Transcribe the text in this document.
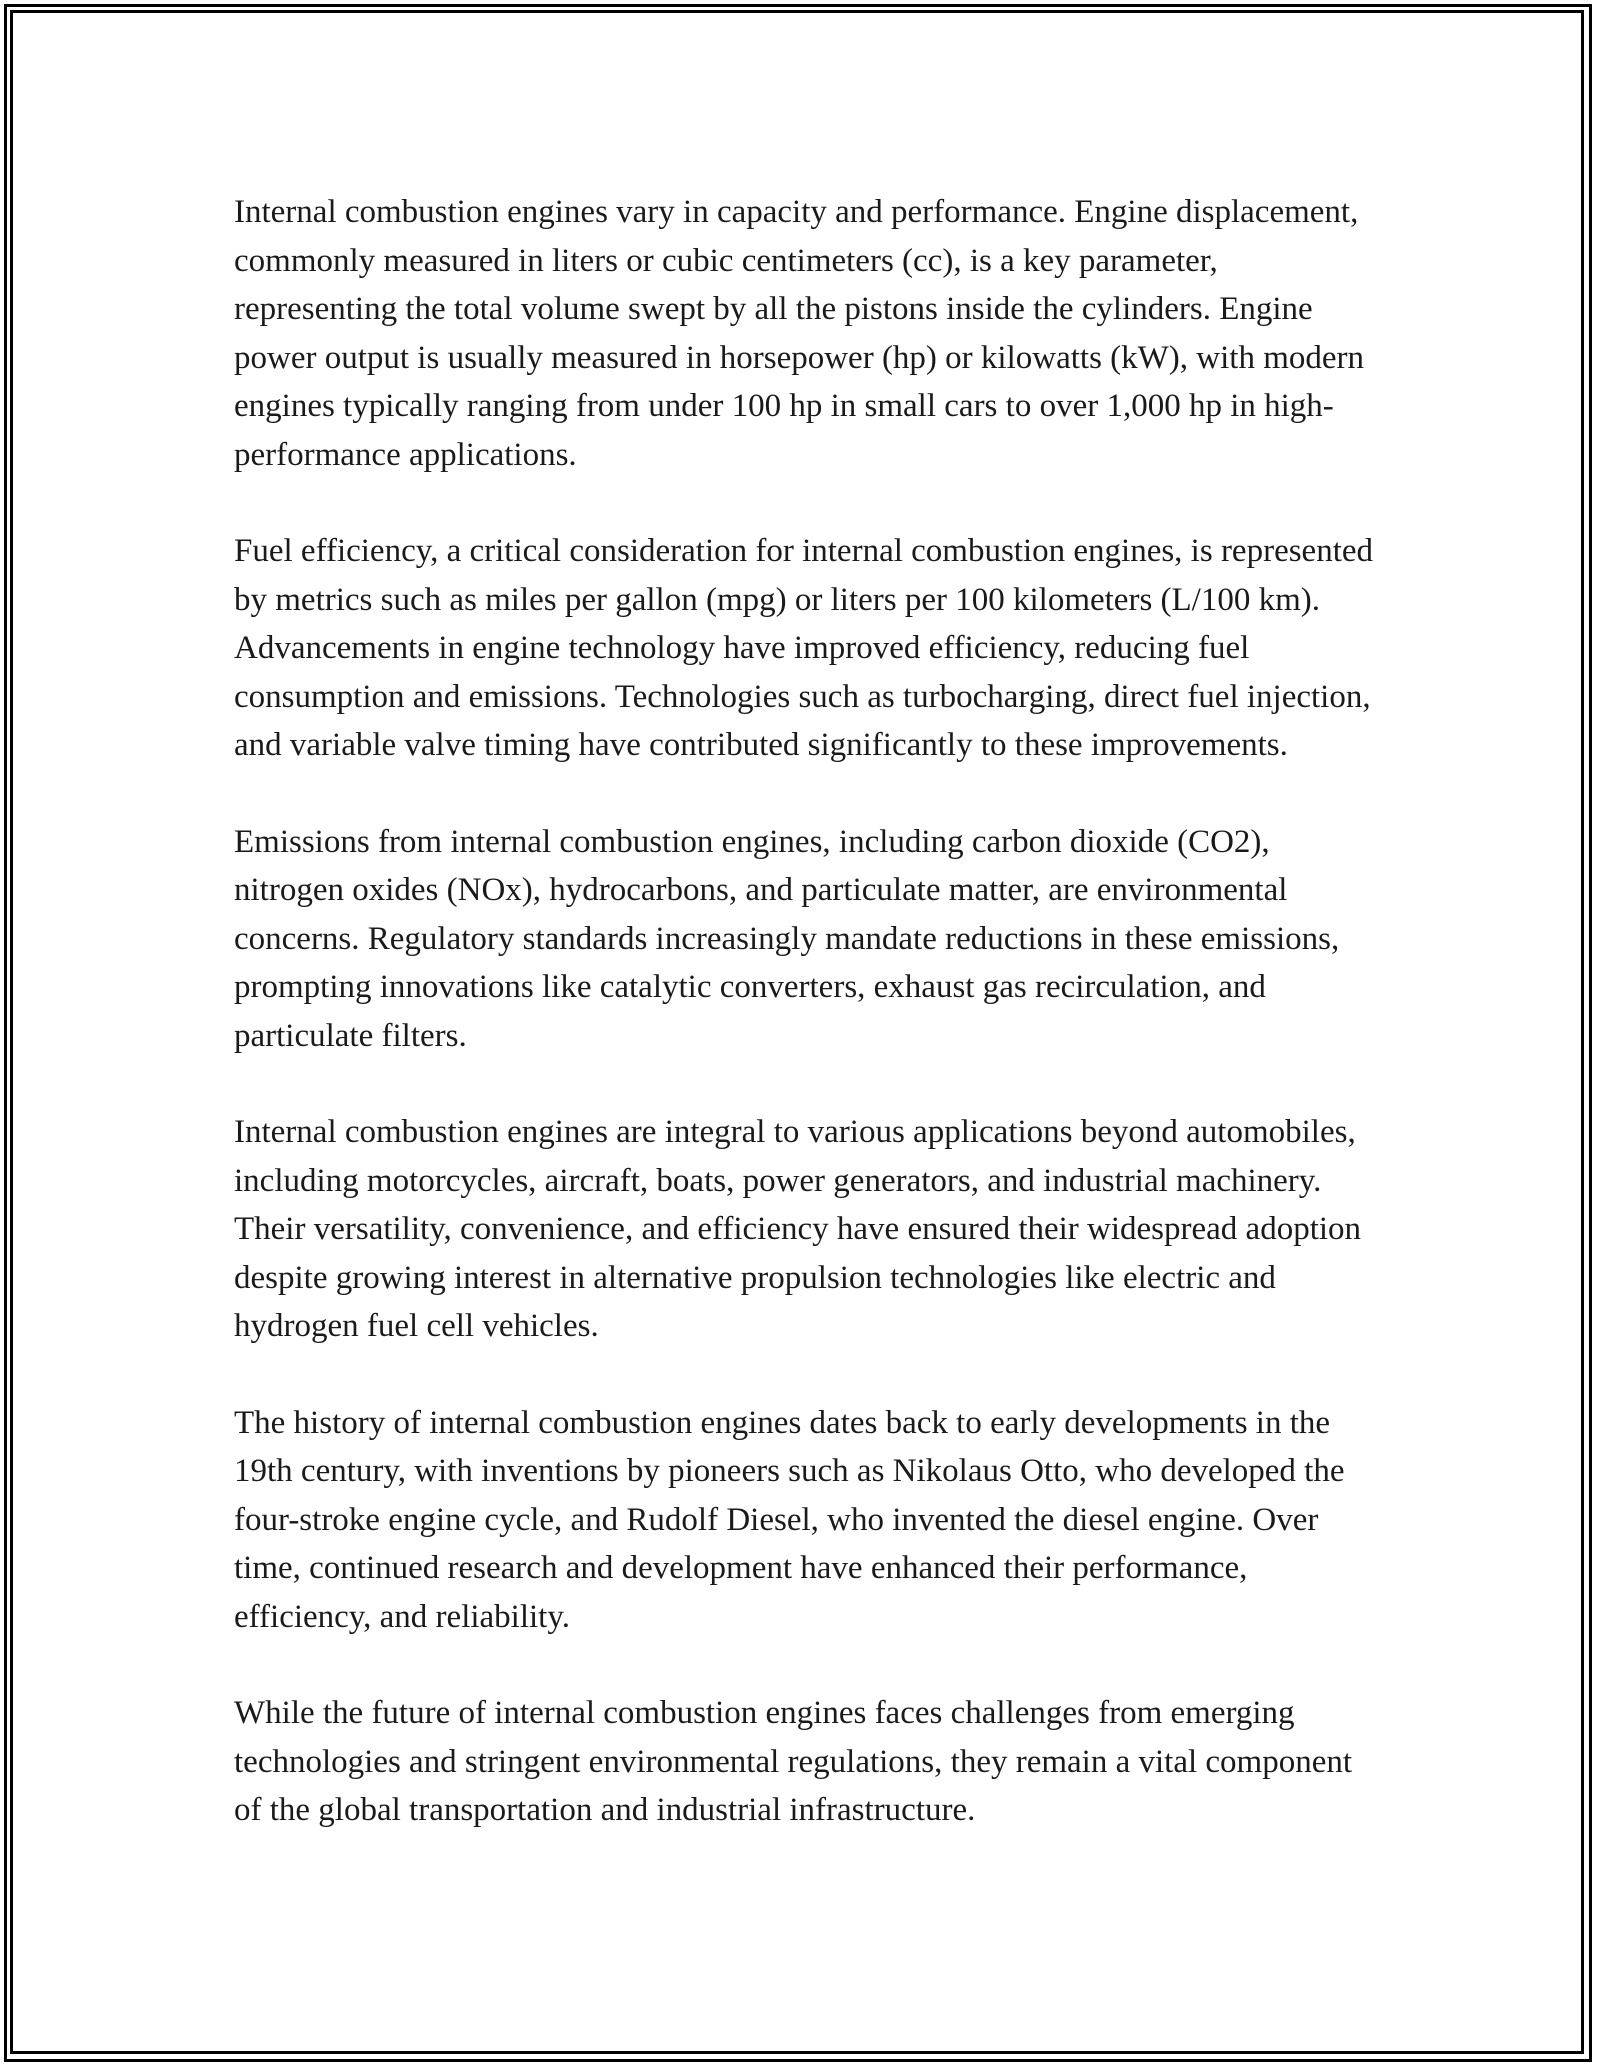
Internal combustion engines vary in capacity and performance. Engine displacement, commonly measured in liters or cubic centimeters (cc), is a key parameter, representing the total volume swept by all the pistons inside the cylinders. Engine power output is usually measured in horsepower (hp) or kilowatts (kW), with modern engines typically ranging from under 100 hp in small cars to over 1,000 hp in high-performance applications.

Fuel efficiency, a critical consideration for internal combustion engines, is represented by metrics such as miles per gallon (mpg) or liters per 100 kilometers (L/100 km). Advancements in engine technology have improved efficiency, reducing fuel consumption and emissions. Technologies such as turbocharging, direct fuel injection, and variable valve timing have contributed significantly to these improvements.

Emissions from internal combustion engines, including carbon dioxide (CO2), nitrogen oxides (NOx), hydrocarbons, and particulate matter, are environmental concerns. Regulatory standards increasingly mandate reductions in these emissions, prompting innovations like catalytic converters, exhaust gas recirculation, and particulate filters.

Internal combustion engines are integral to various applications beyond automobiles, including motorcycles, aircraft, boats, power generators, and industrial machinery. Their versatility, convenience, and efficiency have ensured their widespread adoption despite growing interest in alternative propulsion technologies like electric and hydrogen fuel cell vehicles.

The history of internal combustion engines dates back to early developments in the 19th century, with inventions by pioneers such as Nikolaus Otto, who developed the four-stroke engine cycle, and Rudolf Diesel, who invented the diesel engine. Over time, continued research and development have enhanced their performance, efficiency, and reliability.

While the future of internal combustion engines faces challenges from emerging technologies and stringent environmental regulations, they remain a vital component of the global transportation and industrial infrastructure.
